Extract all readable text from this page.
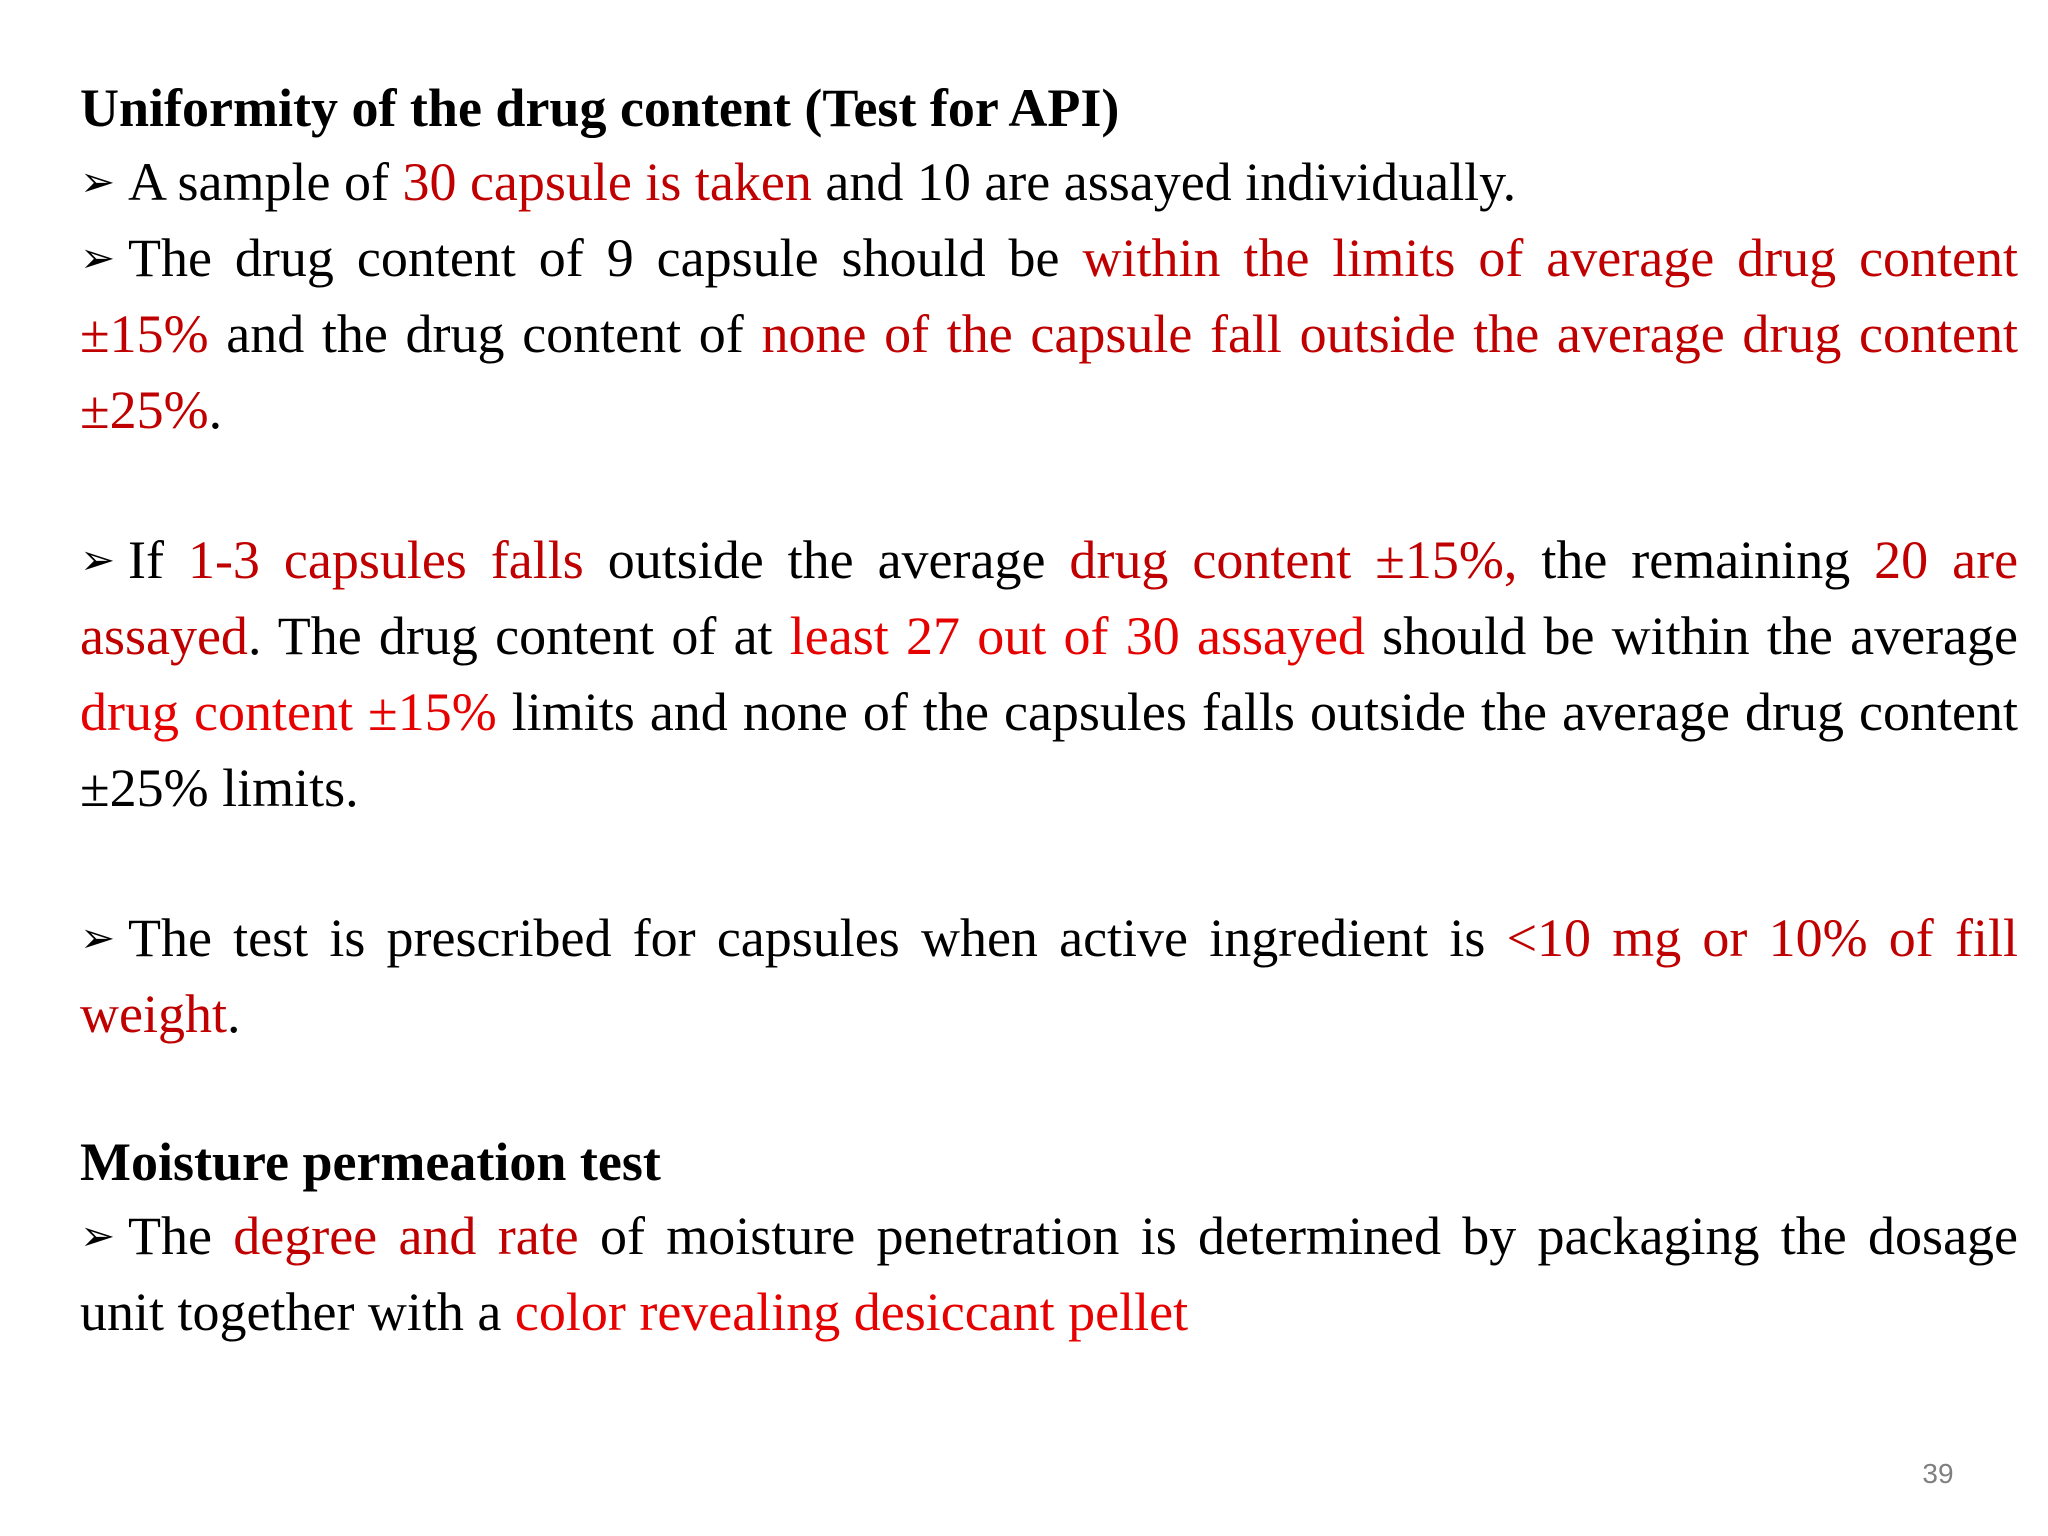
Uniformity of the drug content (Test for API)

➢ A sample of 30 capsule is taken and 10 are assayed individually.

➢ The drug content of 9 capsule should be within the limits of average drug content ±15% and the drug content of none of the capsule fall outside the average drug content ±25%.

➢ If 1-3 capsules falls outside the average drug content ±15%, the remaining 20 are assayed. The drug content of at least 27 out of 30 assayed should be within the average drug content ±15% limits and none of the capsules falls outside the average drug content ±25% limits.

➢ The test is prescribed for capsules when active ingredient is <10 mg or 10% of fill weight.

Moisture permeation test

➢ The degree and rate of moisture penetration is determined by packaging the dosage unit together with a color revealing desiccant pellet

39
